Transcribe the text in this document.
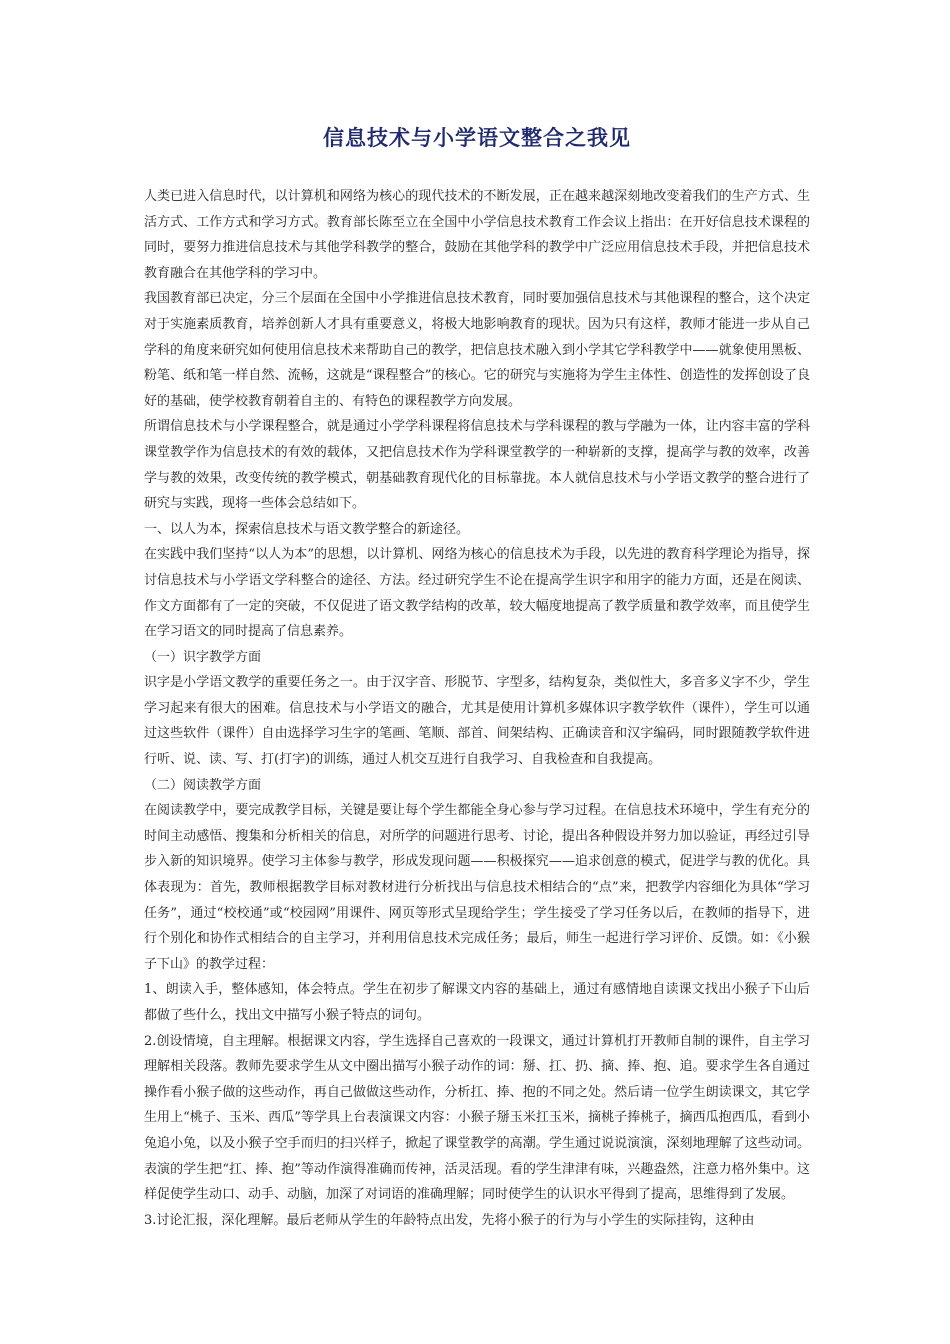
信息技术与小学语文整合之我见

人类已进入信息时代，以计算机和网络为核心的现代技术的不断发展，正在越来越深刻地改变着我们的生产方式、生活方式、工作方式和学习方式。教育部长陈至立在全国中小学信息技术教育工作会议上指出：在开好信息技术课程的同时，要努力推进信息技术与其他学科教学的整合，鼓励在其他学科的教学中广泛应用信息技术手段，并把信息技术教育融合在其他学科的学习中。

我国教育部已决定，分三个层面在全国中小学推进信息技术教育，同时要加强信息技术与其他课程的整合，这个决定对于实施素质教育，培养创新人才具有重要意义，将极大地影响教育的现状。因为只有这样，教师才能进一步从自己学科的角度来研究如何使用信息技术来帮助自己的教学，把信息技术融入到小学其它学科教学中——就象使用黑板、粉笔、纸和笔一样自然、流畅，这就是“课程整合”的核心。它的研究与实施将为学生主体性、创造性的发挥创设了良好的基础，使学校教育朝着自主的、有特色的课程教学方向发展。

所谓信息技术与小学课程整合，就是通过小学学科课程将信息技术与学科课程的教与学融为一体，让内容丰富的学科课堂教学作为信息技术的有效的载体，又把信息技术作为学科课堂教学的一种崭新的支撑，提高学与教的效率，改善学与教的效果，改变传统的教学模式，朝基础教育现代化的目标靠拢。本人就信息技术与小学语文教学的整合进行了研究与实践，现将一些体会总结如下。

一、以人为本，探索信息技术与语文教学整合的新途径。

在实践中我们坚持“以人为本”的思想，以计算机、网络为核心的信息技术为手段，以先进的教育科学理论为指导，探讨信息技术与小学语文学科整合的途径、方法。经过研究学生不论在提高学生识字和用字的能力方面，还是在阅读、作文方面都有了一定的突破，不仅促进了语文教学结构的改革，较大幅度地提高了教学质量和教学效率，而且使学生在学习语文的同时提高了信息素养。

（一）识字教学方面

识字是小学语文教学的重要任务之一。由于汉字音、形脱节、字型多，结构复杂，类似性大，多音多义字不少，学生学习起来有很大的困难。信息技术与小学语文的融合，尤其是使用计算机多媒体识字教学软件（课件），学生可以通过这些软件（课件）自由选择学习生字的笔画、笔顺、部首、间架结构、正确读音和汉字编码，同时跟随教学软件进行听、说、读、写、打(打字)的训练，通过人机交互进行自我学习、自我检查和自我提高。

（二）阅读教学方面

在阅读教学中，要完成教学目标，关键是要让每个学生都能全身心参与学习过程。在信息技术环境中，学生有充分的时间主动感悟、搜集和分析相关的信息，对所学的问题进行思考、讨论，提出各种假设并努力加以验证，再经过引导步入新的知识境界。使学习主体参与教学，形成发现问题——积极探究——追求创意的模式，促进学与教的优化。具体表现为：首先，教师根据教学目标对教材进行分析找出与信息技术相结合的“点”来，把教学内容细化为具体“学习任务”，通过“校校通”或“校园网”用课件、网页等形式呈现给学生；学生接受了学习任务以后，在教师的指导下，进行个别化和协作式相结合的自主学习，并利用信息技术完成任务；最后，师生一起进行学习评价、反馈。如：《小猴子下山》的教学过程：

1、朗读入手，整体感知，体会特点。学生在初步了解课文内容的基础上，通过有感情地自读课文找出小猴子下山后都做了些什么，找出文中描写小猴子特点的词句。

2.创设情境，自主理解。根据课文内容，学生选择自己喜欢的一段课文，通过计算机打开教师自制的课件，自主学习理解相关段落。教师先要求学生从文中圈出描写小猴子动作的词：掰、扛、扔、摘、捧、抱、追。要求学生各自通过操作看小猴子做的这些动作，再自己做做这些动作，分析扛、捧、抱的不同之处。然后请一位学生朗读课文，其它学生用上“桃子、玉米、西瓜”等学具上台表演课文内容：小猴子掰玉米扛玉米，摘桃子捧桃子，摘西瓜抱西瓜，看到小兔追小兔，以及小猴子空手而归的扫兴样子，掀起了课堂教学的高潮。学生通过说说演演，深刻地理解了这些动词。表演的学生把“扛、捧、抱”等动作演得准确而传神，活灵活现。看的学生津津有味，兴趣盎然，注意力格外集中。这样促使学生动口、动手、动脑，加深了对词语的准确理解；同时使学生的认识水平得到了提高，思维得到了发展。

3.讨论汇报，深化理解。最后老师从学生的年龄特点出发，先将小猴子的行为与小学生的实际挂钩，这种由
